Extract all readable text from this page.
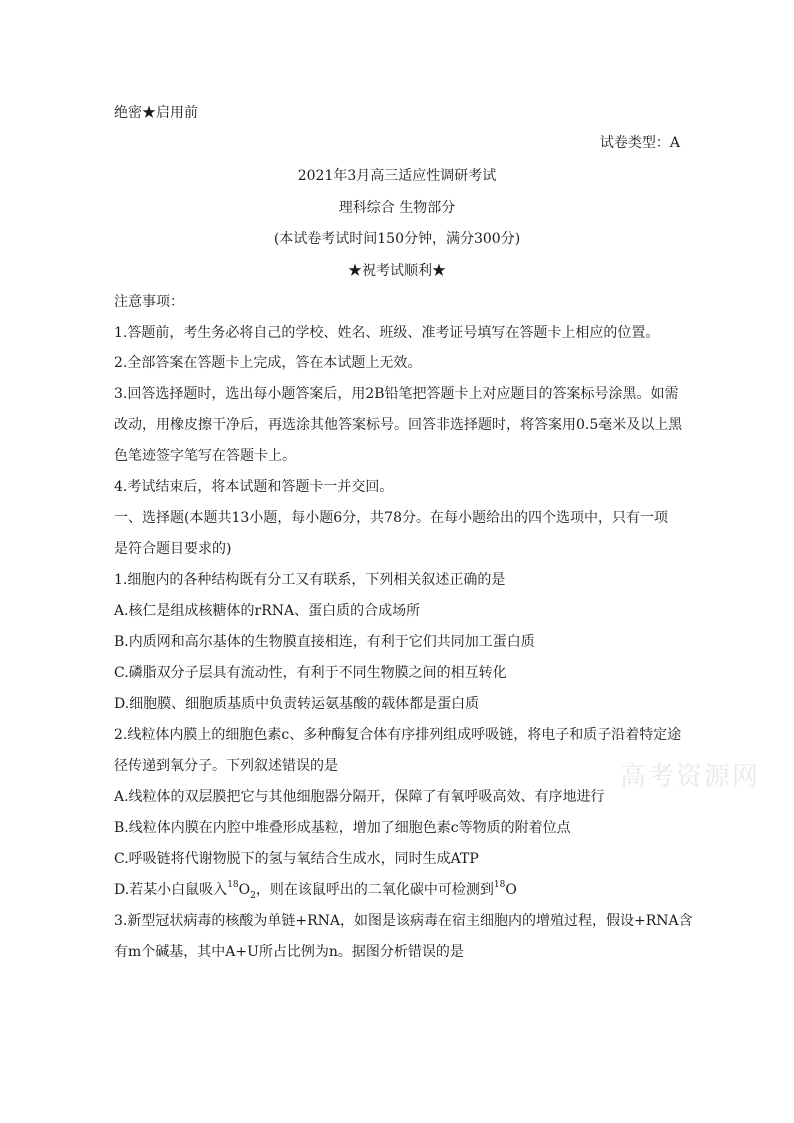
绝密★启用前
试卷类型：A
2021年3月高三适应性调研考试
理科综合 生物部分
(本试卷考试时间150分钟，满分300分)
★祝考试顺利★
注意事项：
1.答题前，考生务必将自己的学校、姓名、班级、准考证号填写在答题卡上相应的位置。
2.全部答案在答题卡上完成，答在本试题上无效。
3.回答选择题时，选出每小题答案后，用2B铅笔把答题卡上对应题目的答案标号涂黑。如需
改动，用橡皮擦干净后，再选涂其他答案标号。回答非选择题时，将答案用0.5毫米及以上黑
色笔迹签字笔写在答题卡上。
4.考试结束后，将本试题和答题卡一并交回。
一、选择题(本题共13小题，每小题6分，共78分。在每小题给出的四个选项中，只有一项
是符合题目要求的)
1.细胞内的各种结构既有分工又有联系，下列相关叙述正确的是
A.核仁是组成核糖体的rRNA、蛋白质的合成场所
B.内质网和高尔基体的生物膜直接相连，有利于它们共同加工蛋白质
C.磷脂双分子层具有流动性，有利于不同生物膜之间的相互转化
D.细胞膜、细胞质基质中负责转运氨基酸的载体都是蛋白质
2.线粒体内膜上的细胞色素c、多种酶复合体有序排列组成呼吸链，将电子和质子沿着特定途
径传递到氧分子。下列叙述错误的是	高考资源网
A.线粒体的双层膜把它与其他细胞器分隔开，保障了有氧呼吸高效、有序地进行
B.线粒体内膜在内腔中堆叠形成基粒，增加了细胞色素c等物质的附着位点
C.呼吸链将代谢物脱下的氢与氧结合生成水，同时生成ATP
D.若某小白鼠吸入$^{18}O_2$，则在该鼠呼出的二氧化碳中可检测到$^{18}$O
3.新型冠状病毒的核酸为单链+RNA，如图是该病毒在宿主细胞内的增殖过程，假设+RNA含
有m个碱基，其中A+U所占比例为n。据图分析错误的是
